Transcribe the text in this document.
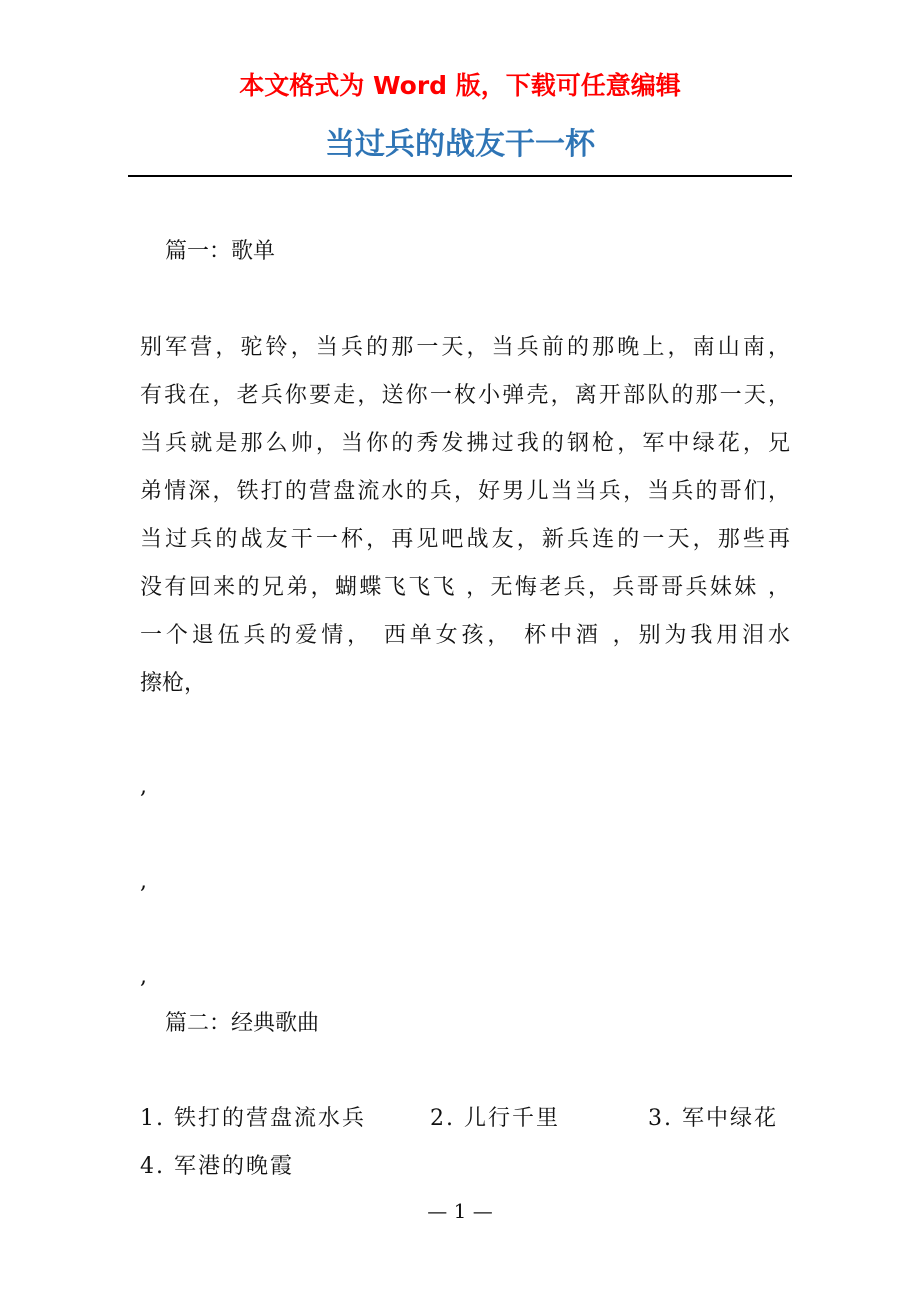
本文格式为 Word 版，下载可任意编辑

当过兵的战友干一杯

篇一：歌单

别军营，驼铃，当兵的那一天，当兵前的那晚上，南山南，
有我在，老兵你要走，送你一枚小弹壳，离开部队的那一天，
当兵就是那么帅，当你的秀发拂过我的钢枪，军中绿花，兄
弟情深，铁打的营盘流水的兵，好男儿当当兵，当兵的哥们，
当过兵的战友干一杯，再见吧战友，新兵连的一天，那些再
没有回来的兄弟，蝴蝶飞飞飞 ，无悔老兵，兵哥哥兵妹妹 ，
一个退伍兵的爱情， 西单女孩， 杯中酒 ，别为我用泪水
擦枪，

,

,

,

篇二：经典歌曲

1. 铁打的营盘流水兵	2. 儿行千里	3. 军中绿花
4. 军港的晚霞

— 1 —
